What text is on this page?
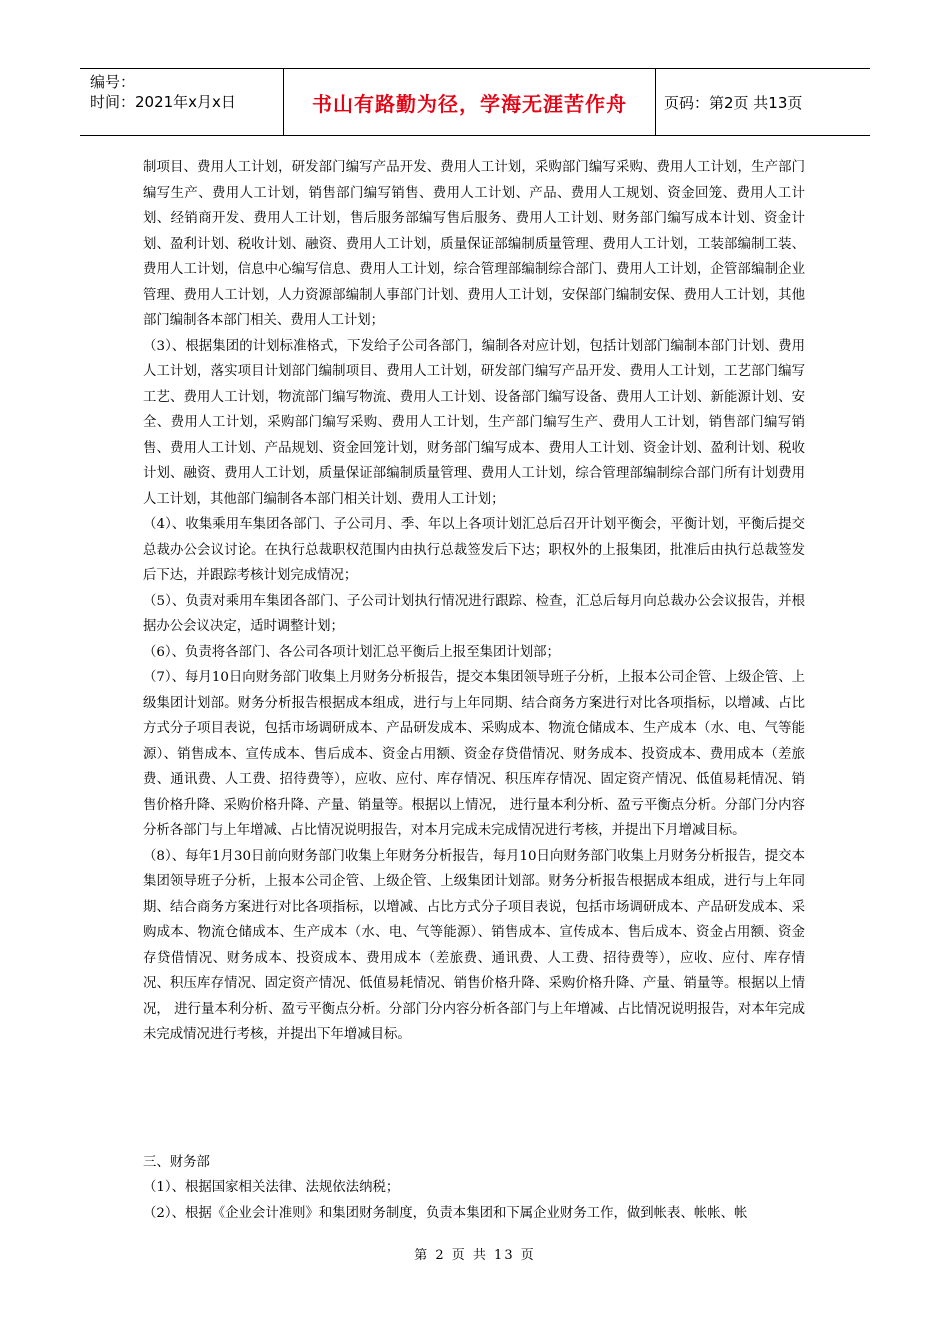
编号：
时间：2021年x月x日	书山有路勤为径，学海无涯苦作舟	页码：第2页 共13页

制项目、费用人工计划，研发部门编写产品开发、费用人工计划，采购部门编写采购、费用人工计划，生产部门编写生产、费用人工计划，销售部门编写销售、费用人工计划、产品、费用人工规划、资金回笼、费用人工计划、经销商开发、费用人工计划，售后服务部编写售后服务、费用人工计划、财务部门编写成本计划、资金计划、盈利计划、税收计划、融资、费用人工计划，质量保证部编制质量管理、费用人工计划，工装部编制工装、费用人工计划，信息中心编写信息、费用人工计划，综合管理部编制综合部门、费用人工计划，企管部编制企业管理、费用人工计划，人力资源部编制人事部门计划、费用人工计划，安保部门编制安保、费用人工计划，其他部门编制各本部门相关、费用人工计划；

（3）、根据集团的计划标准格式，下发给子公司各部门，编制各对应计划，包括计划部门编制本部门计划、费用人工计划，落实项目计划部门编制项目、费用人工计划，研发部门编写产品开发、费用人工计划，工艺部门编写工艺、费用人工计划，物流部门编写物流、费用人工计划、设备部门编写设备、费用人工计划、新能源计划、安全、费用人工计划，采购部门编写采购、费用人工计划，生产部门编写生产、费用人工计划，销售部门编写销售、费用人工计划、产品规划、资金回笼计划，财务部门编写成本、费用人工计划、资金计划、盈利计划、税收计划、融资、费用人工计划，质量保证部编制质量管理、费用人工计划，综合管理部编制综合部门所有计划费用人工计划，其他部门编制各本部门相关计划、费用人工计划；

（4）、收集乘用车集团各部门、子公司月、季、年以上各项计划汇总后召开计划平衡会，平衡计划，平衡后提交总裁办公会议讨论。在执行总裁职权范围内由执行总裁签发后下达；职权外的上报集团，批准后由执行总裁签发后下达，并跟踪考核计划完成情况；

（5）、负责对乘用车集团各部门、子公司计划执行情况进行跟踪、检查，汇总后每月向总裁办公会议报告，并根据办公会议决定，适时调整计划；

（6）、负责将各部门、各公司各项计划汇总平衡后上报至集团计划部；

（7）、每月10日向财务部门收集上月财务分析报告，提交本集团领导班子分析，上报本公司企管、上级企管、上级集团计划部。财务分析报告根据成本组成，进行与上年同期、结合商务方案进行对比各项指标，以增减、占比方式分子项目表说，包括市场调研成本、产品研发成本、采购成本、物流仓储成本、生产成本（水、电、气等能源）、销售成本、宣传成本、售后成本、资金占用额、资金存贷借情况、财务成本、投资成本、费用成本（差旅费、通讯费、人工费、招待费等），应收、应付、库存情况、积压库存情况、固定资产情况、低值易耗情况、销售价格升降、采购价格升降、产量、销量等。根据以上情况， 进行量本利分析、盈亏平衡点分析。分部门分内容分析各部门与上年增减、占比情况说明报告，对本月完成未完成情况进行考核，并提出下月增减目标。

（8）、每年1月30日前向财务部门收集上年财务分析报告，每月10日向财务部门收集上月财务分析报告，提交本集团领导班子分析，上报本公司企管、上级企管、上级集团计划部。财务分析报告根据成本组成，进行与上年同期、结合商务方案进行对比各项指标，以增减、占比方式分子项目表说，包括市场调研成本、产品研发成本、采购成本、物流仓储成本、生产成本（水、电、气等能源）、销售成本、宣传成本、售后成本、资金占用额、资金存贷借情况、财务成本、投资成本、费用成本（差旅费、通讯费、人工费、招待费等），应收、应付、库存情况、积压库存情况、固定资产情况、低值易耗情况、销售价格升降、采购价格升降、产量、销量等。根据以上情况， 进行量本利分析、盈亏平衡点分析。分部门分内容分析各部门与上年增减、占比情况说明报告，对本年完成未完成情况进行考核，并提出下年增减目标。

三、财务部

（1）、根据国家相关法律、法规依法纳税；

（2）、根据《企业会计准则》和集团财务制度，负责本集团和下属企业财务工作，做到帐表、帐帐、帐

第 2 页 共 13 页
